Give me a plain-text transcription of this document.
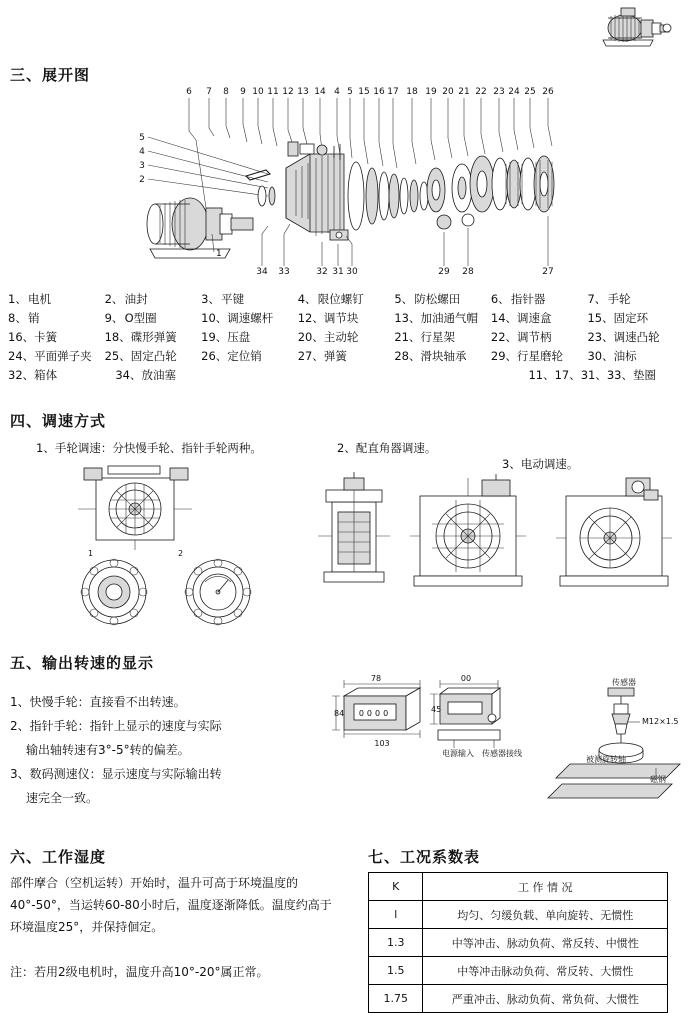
三、展开图
6 7 8 9 10 11 12 13 14 4 5 15 16 17 18 19 20 21 22 23 24 25 26
5
4
3
2
1
34 33	32 31 30	29 28	27
1、电机	2、油封	3、平键	4、限位螺钉	5、防松螺田	6、指针器	7、手轮
8、销	9、O型圈	10、调速螺杆	12、调节块	13、加油通气帽	14、调速盒	15、固定环
16、卡簧	18、碟形弹簧	19、压盘	20、主动轮	21、行星架	22、调节柄	23、调速凸轮
24、平面弹子夹	25、固定凸轮	26、定位销	27、弹簧	28、滑块轴承	29、行星磨轮	30、油标
32、箱体	34、放油塞	11、17、31、33、垫圈
四、调速方式
1、手轮调速：分快慢手轮、指针手轮两种。	2、配直角器调速。
3、电动调速。
1	2
五、输出转速的显示
1、快慢手轮：直接看不出转速。
2、指针手轮：指针上显示的速度与实际
输出轴转速有3°-5°转的偏差。
3、数码测速仪：显示速度与实际输出转
速完全一致。
78
0000
103
84
00
45
电源输入 传感器接线
传感器
M12×1.5
被测旋转轴
磁钢
六、工作湿度
部件摩合（空机运转）开始时，温升可高于环境温度的40°-50°，当运转60-80小时后，温度逐渐降低。温度约高于环境温度25°，并保持佪定。
注：若用2级电机时，温度升高10°-20°属正常。
七、工况系数表
K	工 作 情 况
l	均匀、匀缓负载、单向旋转、无惯性
1.3	中等冲击、脉动负荷、常反转、中惯性
1.5	中等冲击脉动负荷、常反转、大惯性
1.75	严重冲击、脉动负荷、常负荷、大惯性
